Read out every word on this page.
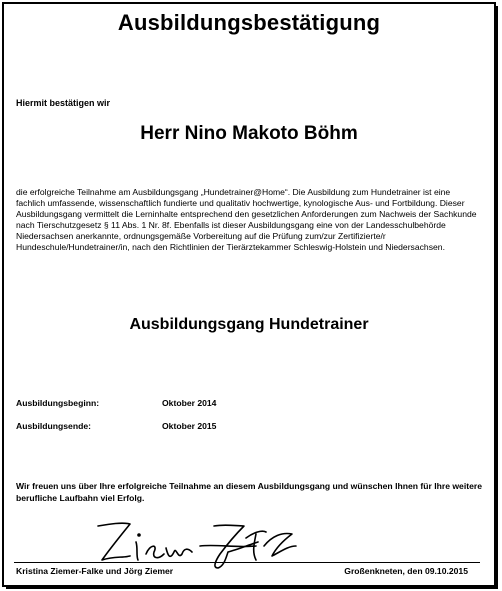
Ausbildungsbestätigung
Hiermit bestätigen wir
Herr Nino Makoto Böhm
die erfolgreiche Teilnahme am Ausbildungsgang „Hundetrainer@Home“. Die Ausbildung zum Hundetrainer ist eine fachlich umfassende, wissenschaftlich fundierte und qualitativ hochwertige, kynologische Aus- und Fortbildung. Dieser Ausbildungsgang vermittelt die Lerninhalte entsprechend den gesetzlichen Anforderungen zum Nachweis der Sachkunde nach Tierschutzgesetz § 11 Abs. 1 Nr. 8f. Ebenfalls ist dieser Ausbildungsgang eine von der Landesschulbehörde Niedersachsen anerkannte, ordnungsgemäße Vorbereitung auf die Prüfung zum/zur Zertifizierte/r Hundeschule/Hundetrainer/in, nach den Richtlinien der Tierärztekammer Schleswig-Holstein und Niedersachsen.
Ausbildungsgang Hundetrainer
Ausbildungsbeginn:	Oktober 2014
Ausbildungsende:	Oktober 2015
Wir freuen uns über Ihre erfolgreiche Teilnahme an diesem Ausbildungsgang und wünschen Ihnen für Ihre weitere berufliche Laufbahn viel Erfolg.
Kristina Ziemer-Falke und Jörg Ziemer	Großenkneten, den 09.10.2015
